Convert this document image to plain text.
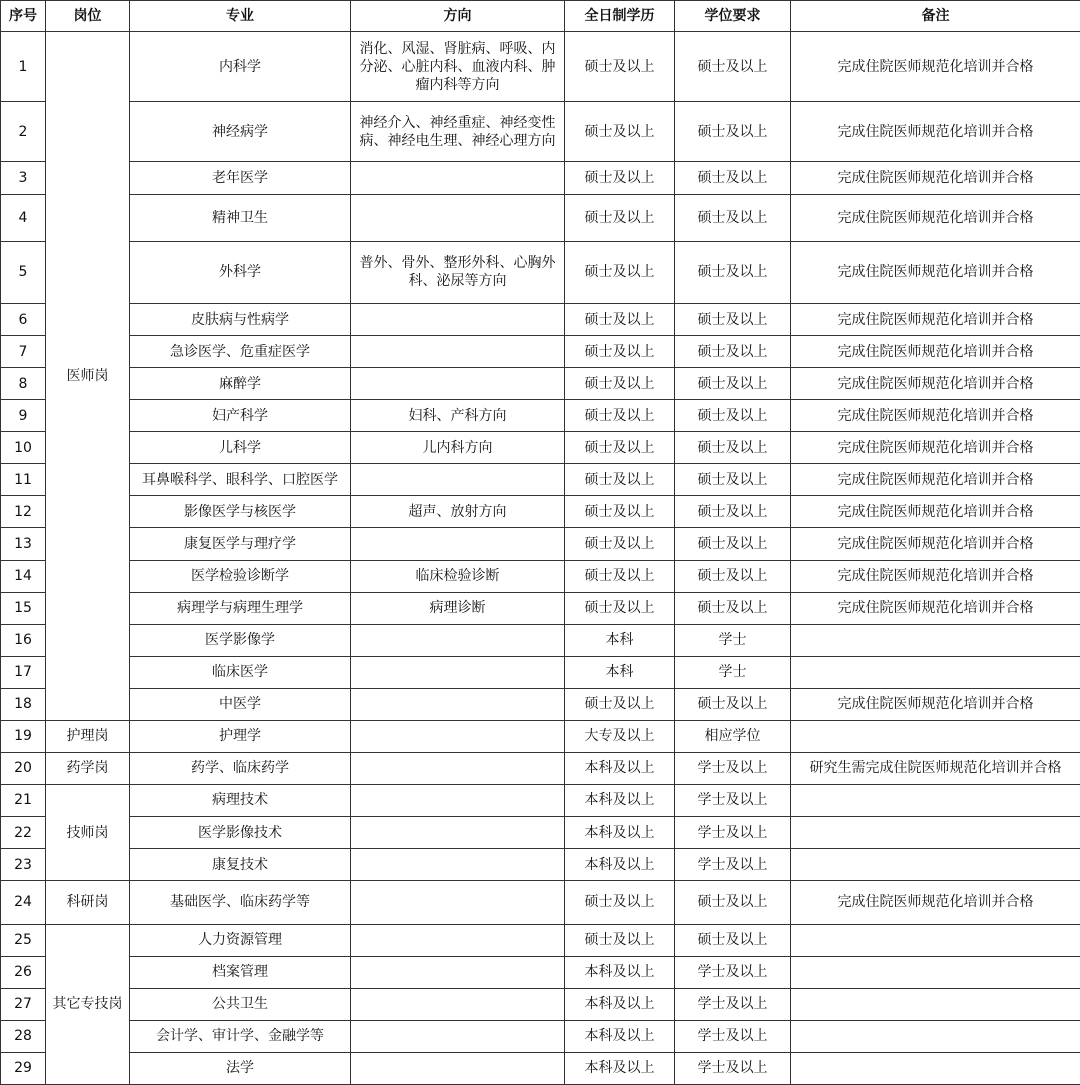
序号	岗位	专业	方向	全日制学历	学位要求	备注
1	医师岗	内科学	消化、风湿、肾脏病、呼吸、内分泌、心脏内科、血液内科、肿瘤内科等方向	硕士及以上	硕士及以上	完成住院医师规范化培训并合格
2		神经病学	神经介入、神经重症、神经变性病、神经电生理、神经心理方向	硕士及以上	硕士及以上	完成住院医师规范化培训并合格
3		老年医学		硕士及以上	硕士及以上	完成住院医师规范化培训并合格
4		精神卫生		硕士及以上	硕士及以上	完成住院医师规范化培训并合格
5		外科学	普外、骨外、整形外科、心胸外科、泌尿等方向	硕士及以上	硕士及以上	完成住院医师规范化培训并合格
6		皮肤病与性病学		硕士及以上	硕士及以上	完成住院医师规范化培训并合格
7		急诊医学、危重症医学		硕士及以上	硕士及以上	完成住院医师规范化培训并合格
8		麻醉学		硕士及以上	硕士及以上	完成住院医师规范化培训并合格
9		妇产科学	妇科、产科方向	硕士及以上	硕士及以上	完成住院医师规范化培训并合格
10		儿科学	儿内科方向	硕士及以上	硕士及以上	完成住院医师规范化培训并合格
11		耳鼻喉科学、眼科学、口腔医学		硕士及以上	硕士及以上	完成住院医师规范化培训并合格
12		影像医学与核医学	超声、放射方向	硕士及以上	硕士及以上	完成住院医师规范化培训并合格
13		康复医学与理疗学		硕士及以上	硕士及以上	完成住院医师规范化培训并合格
14		医学检验诊断学	临床检验诊断	硕士及以上	硕士及以上	完成住院医师规范化培训并合格
15		病理学与病理生理学	病理诊断	硕士及以上	硕士及以上	完成住院医师规范化培训并合格
16		医学影像学		本科	学士	
17		临床医学		本科	学士	
18		中医学		硕士及以上	硕士及以上	完成住院医师规范化培训并合格
19	护理岗	护理学		大专及以上	相应学位	
20	药学岗	药学、临床药学		本科及以上	学士及以上	研究生需完成住院医师规范化培训并合格
21	技师岗	病理技术		本科及以上	学士及以上	
22		医学影像技术		本科及以上	学士及以上	
23		康复技术		本科及以上	学士及以上	
24	科研岗	基础医学、临床药学等		硕士及以上	硕士及以上	完成住院医师规范化培训并合格
25	其它专技岗	人力资源管理		硕士及以上	硕士及以上	
26		档案管理		本科及以上	学士及以上	
27		公共卫生		本科及以上	学士及以上	
28		会计学、审计学、金融学等		本科及以上	学士及以上	
29		法学		本科及以上	学士及以上	
